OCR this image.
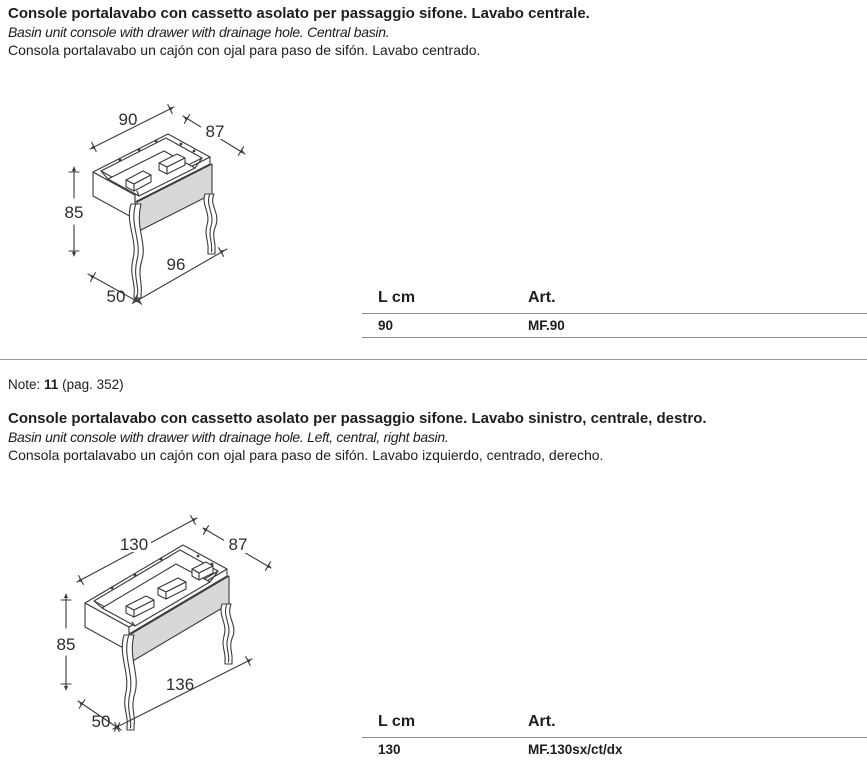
Console portalavabo con cassetto asolato per passaggio sifone. Lavabo centrale.

Basin unit console with drawer with drainage hole. Central basin.

Consola portalavabo un cajón con ojal para paso de sifón. Lavabo centrado.

90
87
85
96
50	L cm	Art.
90	MF.90

Note: 11 (pag. 352)

Console portalavabo con cassetto asolato per passaggio sifone. Lavabo sinistro, centrale, destro.

Basin unit console with drawer with drainage hole. Left, central, right basin.

Consola portalavabo un cajón con ojal para paso de sifón. Lavabo izquierdo, centrado, derecho.

130	87
85
136
50	L cm	Art.
130	MF.130sx/ct/dx
